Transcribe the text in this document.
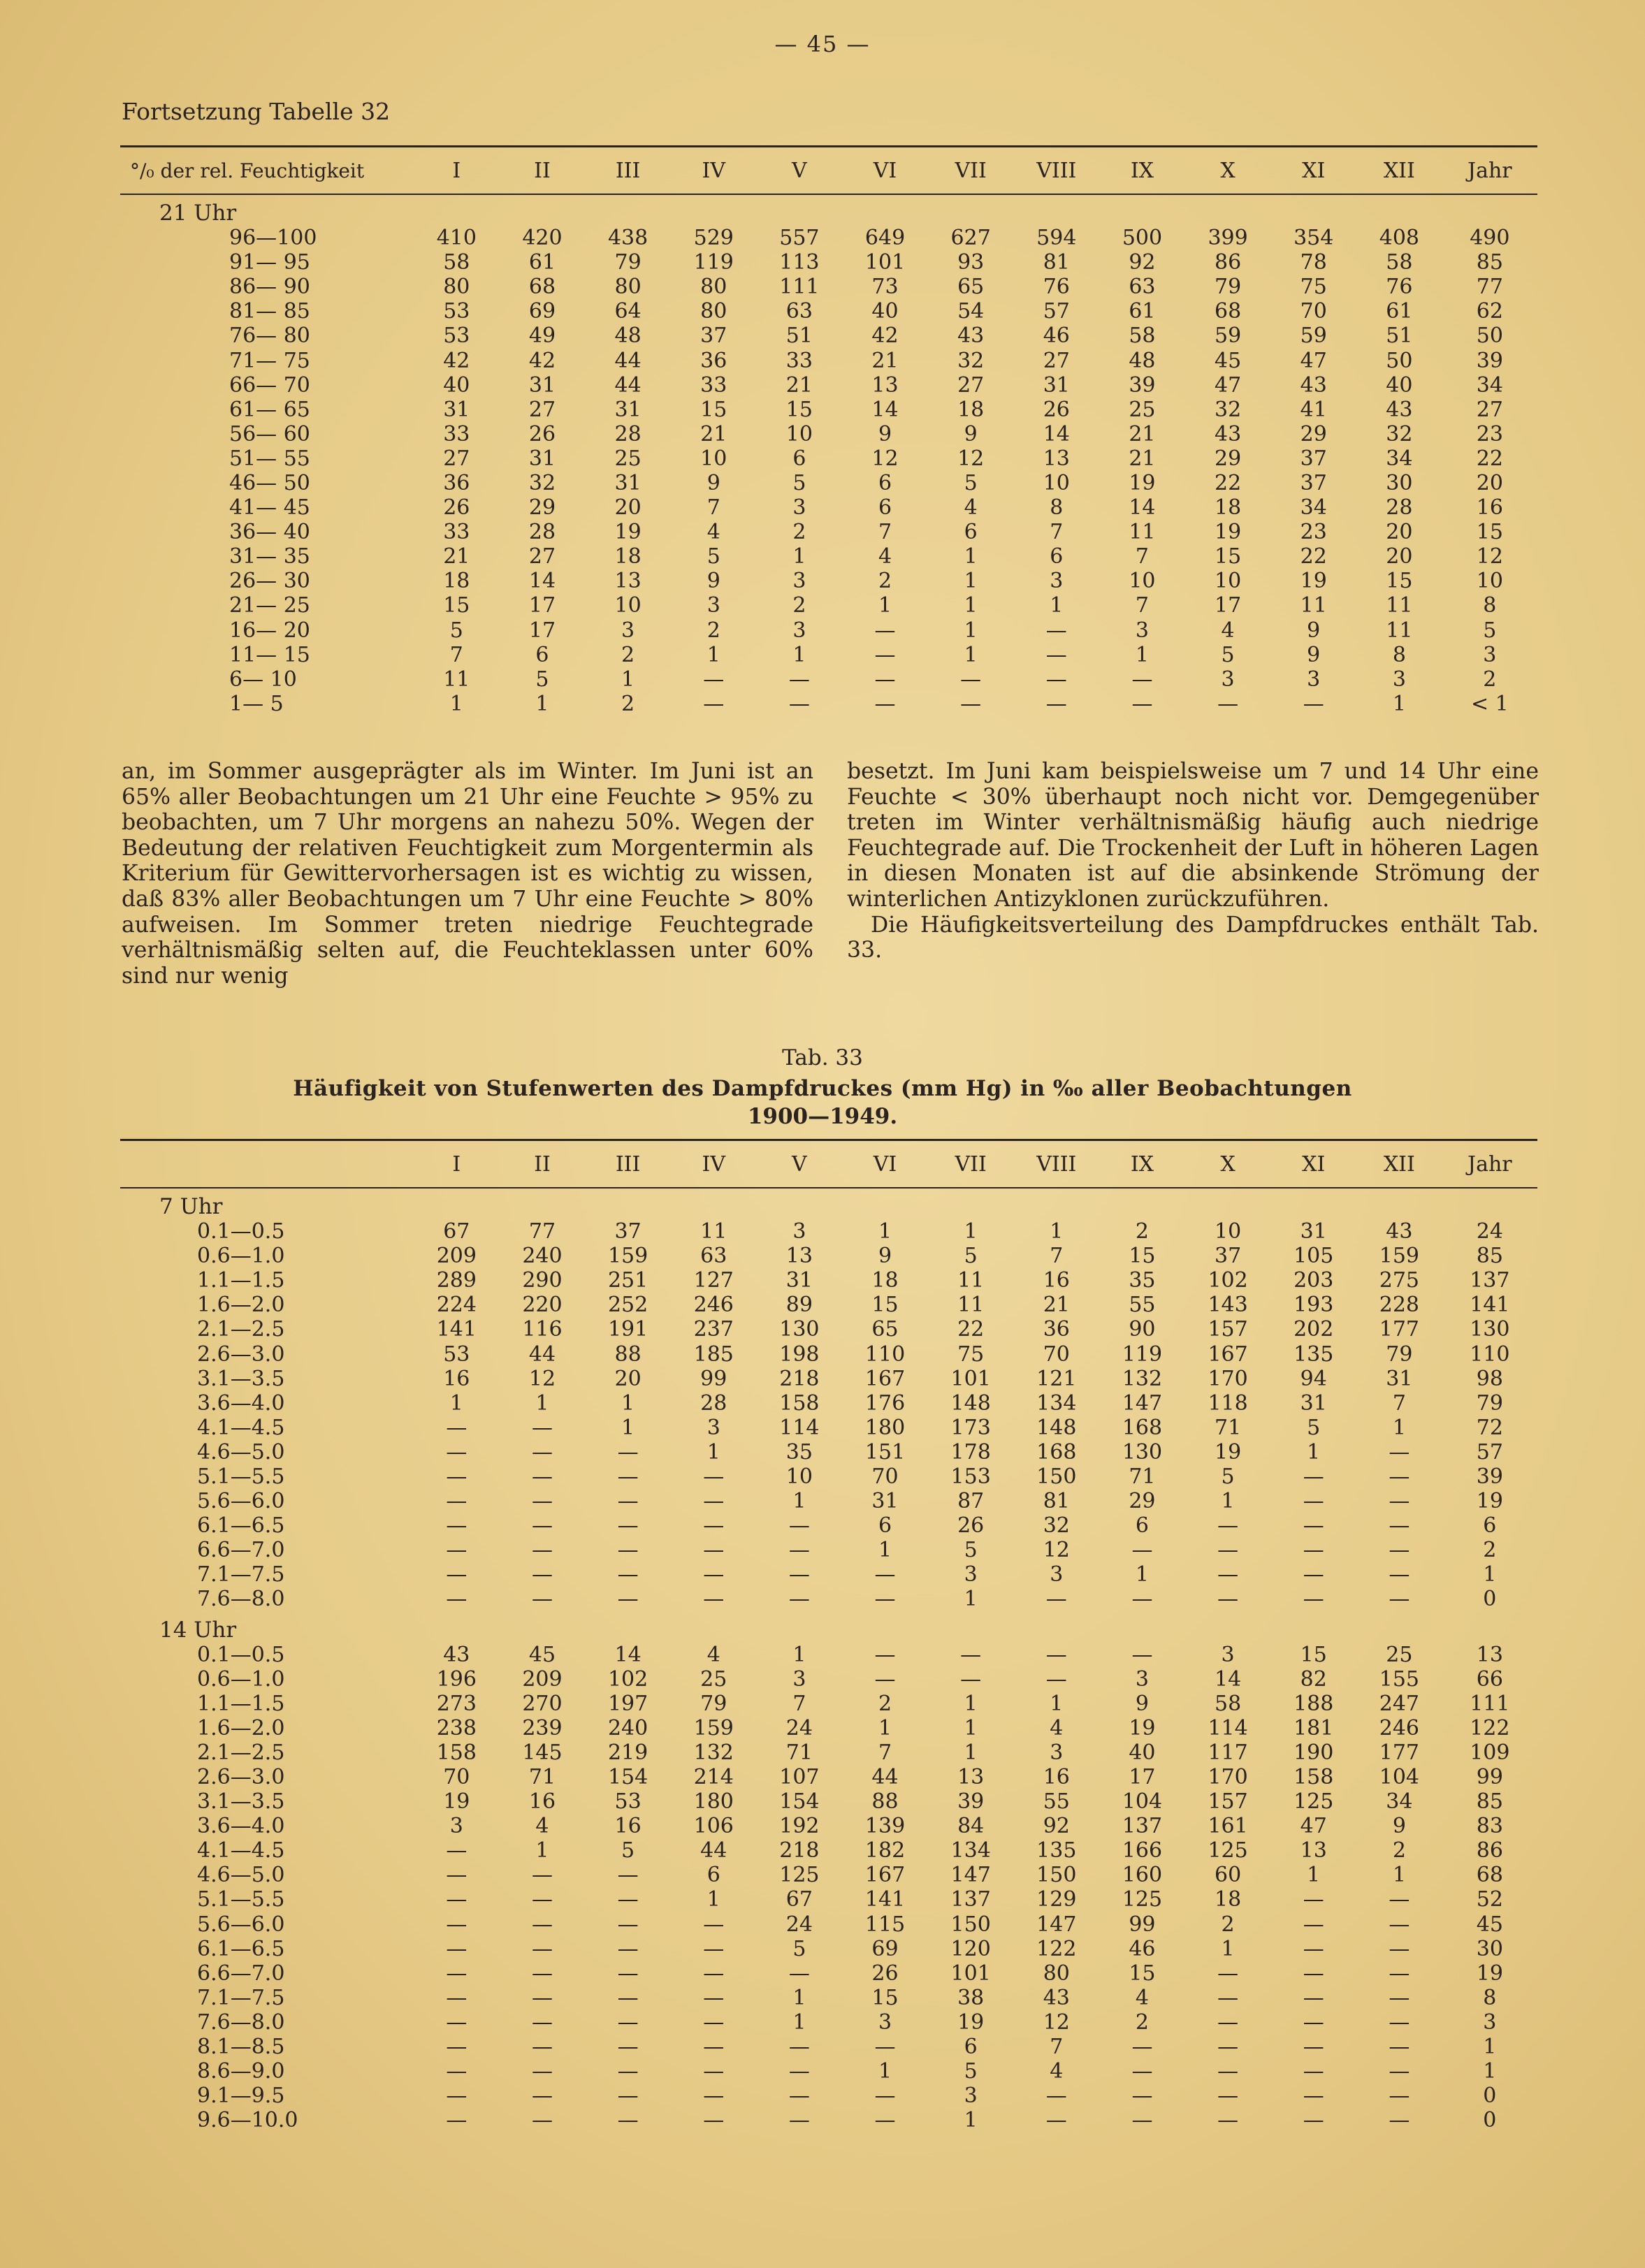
— 45 —
Fortsetzung Tabelle 32
°/₀ der rel. Feuchtigkeit	I	II	III	IV	V	VI	VII	VIII	IX	X	XI	XII	Jahr
21 Uhr													
96—100	410	420	438	529	557	649	627	594	500	399	354	408	490
91— 95	58	61	79	119	113	101	93	81	92	86	78	58	85
86— 90	80	68	80	80	111	73	65	76	63	79	75	76	77
81— 85	53	69	64	80	63	40	54	57	61	68	70	61	62
76— 80	53	49	48	37	51	42	43	46	58	59	59	51	50
71— 75	42	42	44	36	33	21	32	27	48	45	47	50	39
66— 70	40	31	44	33	21	13	27	31	39	47	43	40	34
61— 65	31	27	31	15	15	14	18	26	25	32	41	43	27
56— 60	33	26	28	21	10	9	9	14	21	43	29	32	23
51— 55	27	31	25	10	6	12	12	13	21	29	37	34	22
46— 50	36	32	31	9	5	6	5	10	19	22	37	30	20
41— 45	26	29	20	7	3	6	4	8	14	18	34	28	16
36— 40	33	28	19	4	2	7	6	7	11	19	23	20	15
31— 35	21	27	18	5	1	4	1	6	7	15	22	20	12
26— 30	18	14	13	9	3	2	1	3	10	10	19	15	10
21— 25	15	17	10	3	2	1	1	1	7	17	11	11	8
16— 20	5	17	3	2	3	—	1	—	3	4	9	11	5
11— 15	7	6	2	1	1	—	1	—	1	5	9	8	3
6— 10	11	5	1	—	—	—	—	—	—	3	3	3	2
1— 5	1	1	2	—	—	—	—	—	—	—	—	1	< 1

an, im Sommer ausgeprägter als im Winter. Im Juni ist an 65% aller Beobachtungen um 21 Uhr eine Feuchte > 95% zu beobachten, um 7 Uhr morgens an nahezu 50%. Wegen der Bedeutung der relativen Feuchtigkeit zum Morgentermin als Kriterium für Gewittervorhersagen ist es wichtig zu wissen, daß 83% aller Beobachtungen um 7 Uhr eine Feuchte > 80% aufweisen. Im Sommer treten niedrige Feuchtegrade verhältnismäßig selten auf, die Feuchteklassen unter 60% sind nur wenig

besetzt. Im Juni kam beispielsweise um 7 und 14 Uhr eine Feuchte < 30% überhaupt noch nicht vor. Demgegenüber treten im Winter verhältnismäßig häufig auch niedrige Feuchtegrade auf. Die Trockenheit der Luft in höheren Lagen in diesen Monaten ist auf die absinkende Strömung der winterlichen Antizyklonen zurückzuführen.

Die Häufigkeitsverteilung des Dampfdruckes enthält Tab. 33.

Tab. 33
Häufigkeit von Stufenwerten des Dampfdruckes (mm Hg) in ‰ aller Beobachtungen
1900—1949.
	I	II	III	IV	V	VI	VII	VIII	IX	X	XI	XII	Jahr
7 Uhr													
0.1—0.5	67	77	37	11	3	1	1	1	2	10	31	43	24
0.6—1.0	209	240	159	63	13	9	5	7	15	37	105	159	85
1.1—1.5	289	290	251	127	31	18	11	16	35	102	203	275	137
1.6—2.0	224	220	252	246	89	15	11	21	55	143	193	228	141
2.1—2.5	141	116	191	237	130	65	22	36	90	157	202	177	130
2.6—3.0	53	44	88	185	198	110	75	70	119	167	135	79	110
3.1—3.5	16	12	20	99	218	167	101	121	132	170	94	31	98
3.6—4.0	1	1	1	28	158	176	148	134	147	118	31	7	79
4.1—4.5	—	—	1	3	114	180	173	148	168	71	5	1	72
4.6—5.0	—	—	—	1	35	151	178	168	130	19	1	—	57
5.1—5.5	—	—	—	—	10	70	153	150	71	5	—	—	39
5.6—6.0	—	—	—	—	1	31	87	81	29	1	—	—	19
6.1—6.5	—	—	—	—	—	6	26	32	6	—	—	—	6
6.6—7.0	—	—	—	—	—	1	5	12	—	—	—	—	2
7.1—7.5	—	—	—	—	—	—	3	3	1	—	—	—	1
7.6—8.0	—	—	—	—	—	—	1	—	—	—	—	—	0
14 Uhr													
0.1—0.5	43	45	14	4	1	—	—	—	—	3	15	25	13
0.6—1.0	196	209	102	25	3	—	—	—	3	14	82	155	66
1.1—1.5	273	270	197	79	7	2	1	1	9	58	188	247	111
1.6—2.0	238	239	240	159	24	1	1	4	19	114	181	246	122
2.1—2.5	158	145	219	132	71	7	1	3	40	117	190	177	109
2.6—3.0	70	71	154	214	107	44	13	16	17	170	158	104	99
3.1—3.5	19	16	53	180	154	88	39	55	104	157	125	34	85
3.6—4.0	3	4	16	106	192	139	84	92	137	161	47	9	83
4.1—4.5	—	1	5	44	218	182	134	135	166	125	13	2	86
4.6—5.0	—	—	—	6	125	167	147	150	160	60	1	1	68
5.1—5.5	—	—	—	1	67	141	137	129	125	18	—	—	52
5.6—6.0	—	—	—	—	24	115	150	147	99	2	—	—	45
6.1—6.5	—	—	—	—	5	69	120	122	46	1	—	—	30
6.6—7.0	—	—	—	—	—	26	101	80	15	—	—	—	19
7.1—7.5	—	—	—	—	1	15	38	43	4	—	—	—	8
7.6—8.0	—	—	—	—	1	3	19	12	2	—	—	—	3
8.1—8.5	—	—	—	—	—	—	6	7	—	—	—	—	1
8.6—9.0	—	—	—	—	—	1	5	4	—	—	—	—	1
9.1—9.5	—	—	—	—	—	—	3	—	—	—	—	—	0
9.6—10.0	—	—	—	—	—	—	1	—	—	—	—	—	0
